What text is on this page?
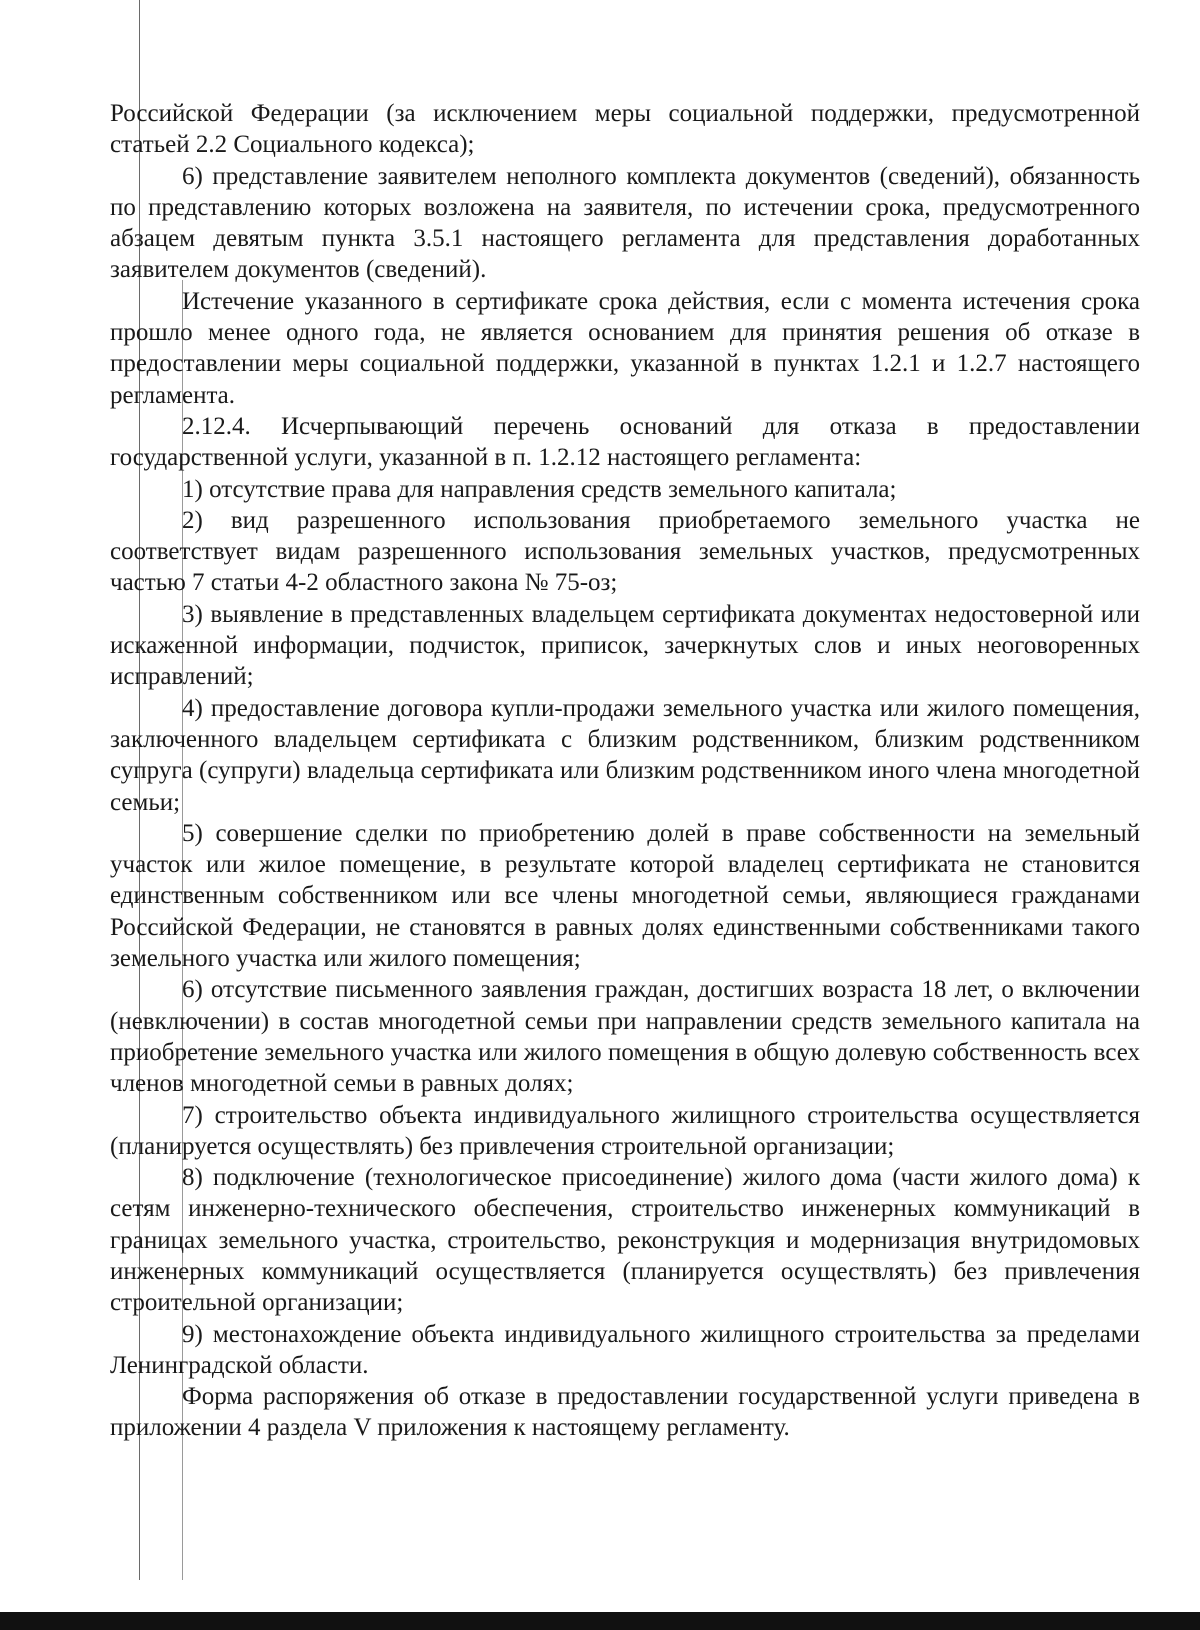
Российской Федерации (за исключением меры социальной поддержки, предусмотренной статьей 2.2 Социального кодекса);

6) представление заявителем неполного комплекта документов (сведений), обязанность по представлению которых возложена на заявителя, по истечении срока, предусмотренного абзацем девятым пункта 3.5.1 настоящего регламента для представления доработанных заявителем документов (сведений).

Истечение указанного в сертификате срока действия, если с момента истечения срока прошло менее одного года, не является основанием для принятия решения об отказе в предоставлении меры социальной поддержки, указанной в пунктах 1.2.1 и 1.2.7 настоящего регламента.

2.12.4. Исчерпывающий перечень оснований для отказа в предоставлении государственной услуги, указанной в п. 1.2.12 настоящего регламента:

1) отсутствие права для направления средств земельного капитала;

2) вид разрешенного использования приобретаемого земельного участка не соответствует видам разрешенного использования земельных участков, предусмотренных частью 7 статьи 4-2 областного закона № 75-оз;

3) выявление в представленных владельцем сертификата документах недостоверной или искаженной информации, подчисток, приписок, зачеркнутых слов и иных неоговоренных исправлений;

4) предоставление договора купли-продажи земельного участка или жилого помещения, заключенного владельцем сертификата с близким родственником, близким родственником супруга (супруги) владельца сертификата или близким родственником иного члена многодетной семьи;

5) совершение сделки по приобретению долей в праве собственности на земельный участок или жилое помещение, в результате которой владелец сертификата не становится единственным собственником или все члены многодетной семьи, являющиеся гражданами Российской Федерации, не становятся в равных долях единственными собственниками такого земельного участка или жилого помещения;

6) отсутствие письменного заявления граждан, достигших возраста 18 лет, о включении (невключении) в состав многодетной семьи при направлении средств земельного капитала на приобретение земельного участка или жилого помещения в общую долевую собственность всех членов многодетной семьи в равных долях;

7) строительство объекта индивидуального жилищного строительства осуществляется (планируется осуществлять) без привлечения строительной организации;

8) подключение (технологическое присоединение) жилого дома (части жилого дома) к сетям инженерно-технического обеспечения, строительство инженерных коммуникаций в границах земельного участка, строительство, реконструкция и модернизация внутридомовых инженерных коммуникаций осуществляется (планируется осуществлять) без привлечения строительной организации;

9) местонахождение объекта индивидуального жилищного строительства за пределами Ленинградской области.

Форма распоряжения об отказе в предоставлении государственной услуги приведена в приложении 4 раздела V приложения к настоящему регламенту.
